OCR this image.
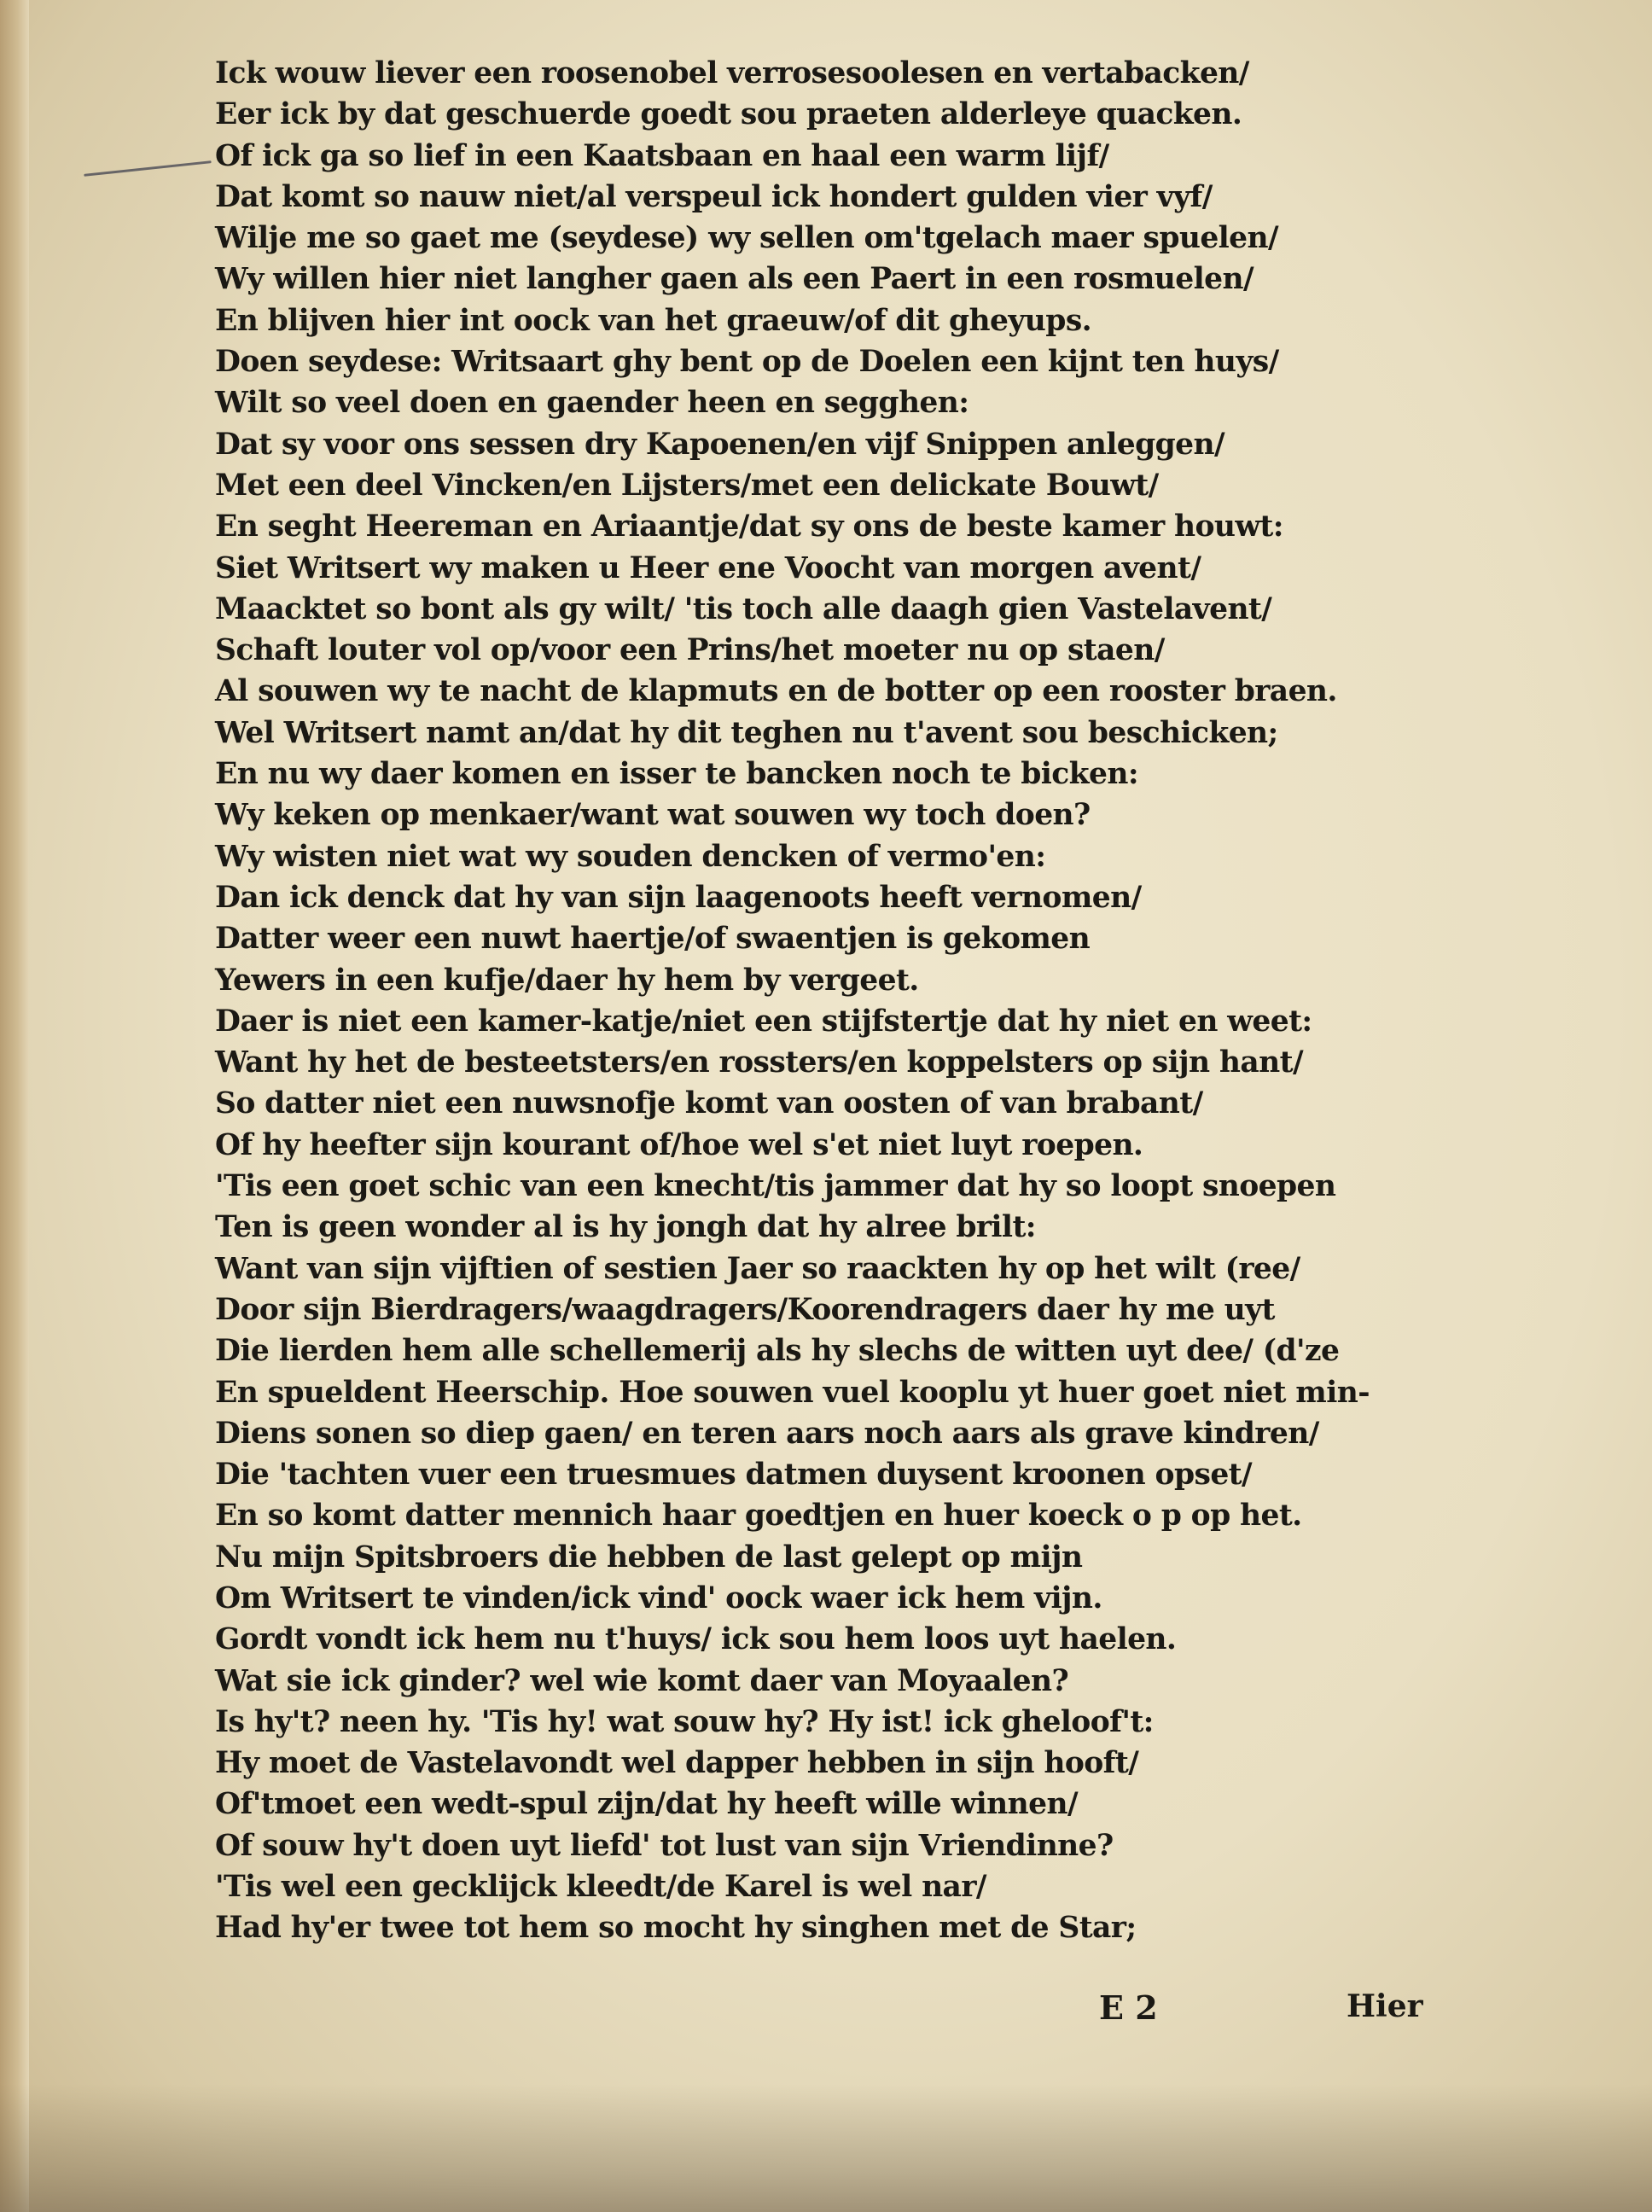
Ick wouw liever een roosenobel verrosesoolesen en vertabacken/
Eer ick by dat geschuerde goedt sou praeten alderleye quacken.
Of ick ga so lief in een Kaatsbaan en haal een warm lijf/
Dat komt so nauw niet/al verspeul ick hondert gulden vier vyf/
Wilje me so gaet me (seydese) wy sellen om'tgelach maer spuelen/
Wy willen hier niet langher gaen als een Paert in een rosmuelen/
En blijven hier int oock van het graeuw/of dit gheyups.
Doen seydese: Writsaart ghy bent op de Doelen een kijnt ten huys/
Wilt so veel doen en gaender heen en segghen:
Dat sy voor ons sessen dry Kapoenen/en vijf Snippen anleggen/
Met een deel Vincken/en Lijsters/met een delickate Bouwt/
En seght Heereman en Ariaantje/dat sy ons de beste kamer houwt:
Siet Writsert wy maken u Heer ene Voocht van morgen avent/
Maacktet so bont als gy wilt/ 'tis toch alle daagh gien Vastelavent/
Schaft louter vol op/voor een Prins/het moeter nu op staen/
Al souwen wy te nacht de klapmuts en de botter op een rooster braen.
Wel Writsert namt an/dat hy dit teghen nu t'avent sou beschicken;
En nu wy daer komen en isser te bancken noch te bicken:
Wy keken op menkaer/want wat souwen wy toch doen?
Wy wisten niet wat wy souden dencken of vermo'en:
Dan ick denck dat hy van sijn laagenoots heeft vernomen/
Datter weer een nuwt haertje/of swaentjen is gekomen
Yewers in een kufje/daer hy hem by vergeet.
Daer is niet een kamer-katje/niet een stijfstertje dat hy niet en weet:
Want hy het de besteetsters/en rossters/en koppelsters op sijn hant/
So datter niet een nuwsnofje komt van oosten of van brabant/
Of hy heefter sijn kourant of/hoe wel s'et niet luyt roepen.
'Tis een goet schic van een knecht/tis jammer dat hy so loopt snoepen
Ten is geen wonder al is hy jongh dat hy alree brilt:
Want van sijn vijftien of sestien Jaer so raackten hy op het wilt (ree/
Door sijn Bierdragers/waagdragers/Koorendragers daer hy me uyt
Die lierden hem alle schellemerij als hy slechs de witten uyt dee/ (d'ze
En spueldent Heerschip. Hoe souwen vuel kooplu yt huer goet niet min-
Diens sonen so diep gaen/ en teren aars noch aars als grave kindren/
Die 'tachten vuer een truesmues datmen duysent kroonen opset/
En so komt datter mennich haar goedtjen en huer koeck o p op het.
Nu mijn Spitsbroers die hebben de last gelept op mijn
Om Writsert te vinden/ick vind' oock waer ick hem vijn.
Gordt vondt ick hem nu t'huys/ ick sou hem loos uyt haelen.
Wat sie ick ginder? wel wie komt daer van Moyaalen?
Is hy't? neen hy. 'Tis hy! wat souw hy? Hy ist! ick gheloof't:
Hy moet de Vastelavondt wel dapper hebben in sijn hooft/
Of'tmoet een wedt-spul zijn/dat hy heeft wille winnen/
Of souw hy't doen uyt liefd' tot lust van sijn Vriendinne?
'Tis wel een gecklijck kleedt/de Karel is wel nar/
Had hy'er twee tot hem so mocht hy singhen met de Star;
E 2	Hier
